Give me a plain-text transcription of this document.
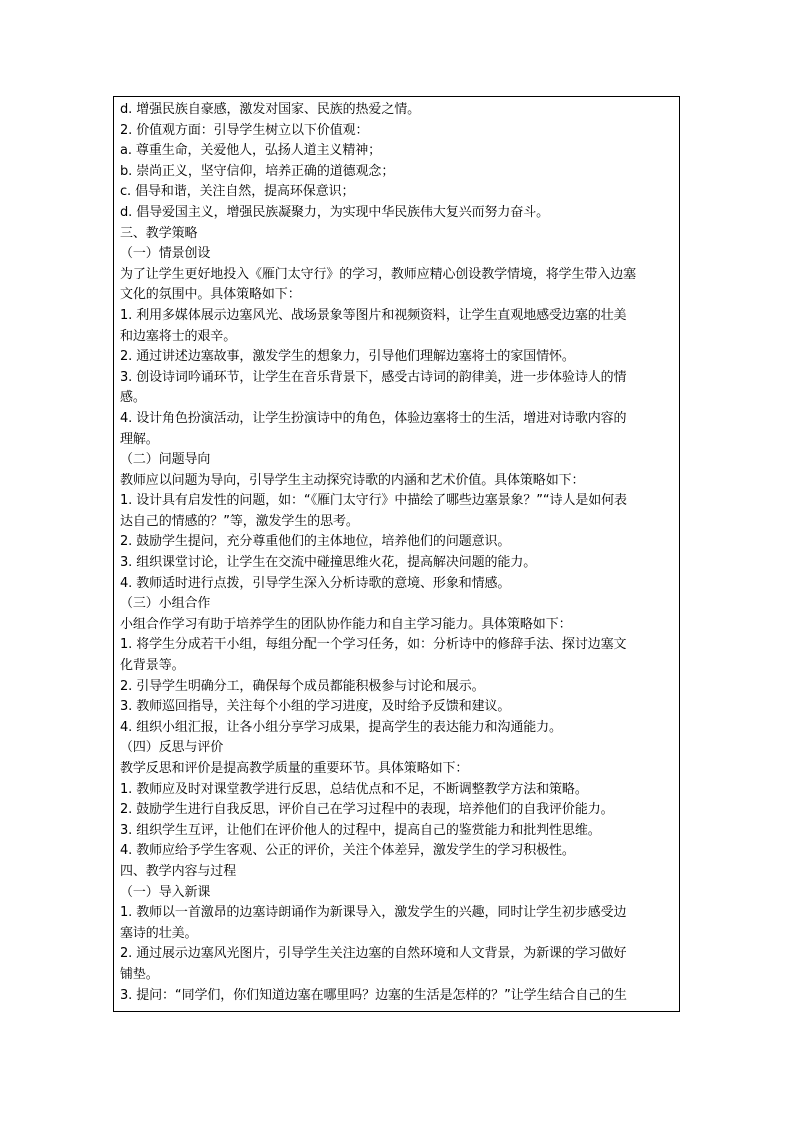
d. 增强民族自豪感，激发对国家、民族的热爱之情。
2. 价值观方面：引导学生树立以下价值观：
a. 尊重生命，关爱他人，弘扬人道主义精神；
b. 崇尚正义，坚守信仰，培养正确的道德观念；
c. 倡导和谐，关注自然，提高环保意识；
d. 倡导爱国主义，增强民族凝聚力，为实现中华民族伟大复兴而努力奋斗。
三、教学策略
（一）情景创设
为了让学生更好地投入《雁门太守行》的学习，教师应精心创设教学情境，将学生带入边塞
文化的氛围中。具体策略如下：
1. 利用多媒体展示边塞风光、战场景象等图片和视频资料，让学生直观地感受边塞的壮美
和边塞将士的艰辛。
2. 通过讲述边塞故事，激发学生的想象力，引导他们理解边塞将士的家国情怀。
3. 创设诗词吟诵环节，让学生在音乐背景下，感受古诗词的韵律美，进一步体验诗人的情
感。
4. 设计角色扮演活动，让学生扮演诗中的角色，体验边塞将士的生活，增进对诗歌内容的
理解。
（二）问题导向
教师应以问题为导向，引导学生主动探究诗歌的内涵和艺术价值。具体策略如下：
1. 设计具有启发性的问题，如：“《雁门太守行》中描绘了哪些边塞景象？”“诗人是如何表
达自己的情感的？”等，激发学生的思考。
2. 鼓励学生提问，充分尊重他们的主体地位，培养他们的问题意识。
3. 组织课堂讨论，让学生在交流中碰撞思维火花，提高解决问题的能力。
4. 教师适时进行点拨，引导学生深入分析诗歌的意境、形象和情感。
（三）小组合作
小组合作学习有助于培养学生的团队协作能力和自主学习能力。具体策略如下：
1. 将学生分成若干小组，每组分配一个学习任务，如：分析诗中的修辞手法、探讨边塞文
化背景等。
2. 引导学生明确分工，确保每个成员都能积极参与讨论和展示。
3. 教师巡回指导，关注每个小组的学习进度，及时给予反馈和建议。
4. 组织小组汇报，让各小组分享学习成果，提高学生的表达能力和沟通能力。
（四）反思与评价
教学反思和评价是提高教学质量的重要环节。具体策略如下：
1. 教师应及时对课堂教学进行反思，总结优点和不足，不断调整教学方法和策略。
2. 鼓励学生进行自我反思，评价自己在学习过程中的表现，培养他们的自我评价能力。
3. 组织学生互评，让他们在评价他人的过程中，提高自己的鉴赏能力和批判性思维。
4. 教师应给予学生客观、公正的评价，关注个体差异，激发学生的学习积极性。
四、教学内容与过程
（一）导入新课
1. 教师以一首激昂的边塞诗朗诵作为新课导入，激发学生的兴趣，同时让学生初步感受边
塞诗的壮美。
2. 通过展示边塞风光图片，引导学生关注边塞的自然环境和人文背景，为新课的学习做好
铺垫。
3. 提问：“同学们，你们知道边塞在哪里吗？边塞的生活是怎样的？”让学生结合自己的生
